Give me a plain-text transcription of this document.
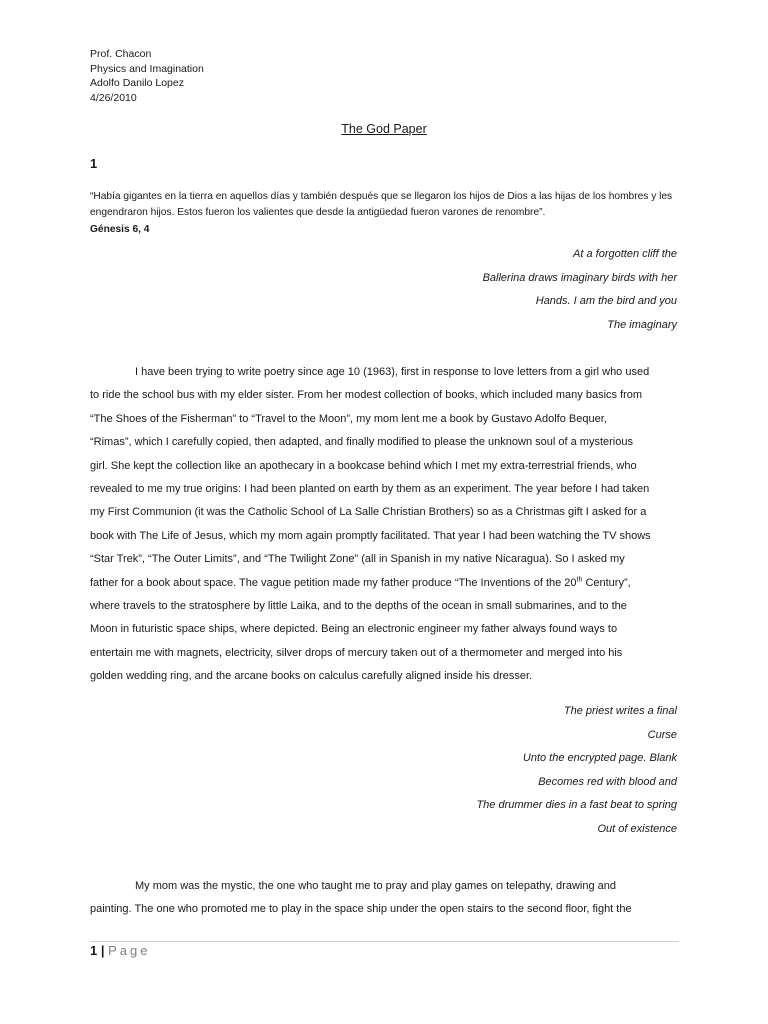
Prof. Chacon
Physics and Imagination
Adolfo Danilo Lopez
4/26/2010
The God Paper
1
“Había gigantes en la tierra en aquellos días y también después que se llegaron los hijos de Dios a las hijas de los hombres y les
engendraron hijos. Estos fueron los valientes que desde la antigüedad fueron varones de renombre”.
Génesis 6, 4
At a forgotten cliff the
Ballerina draws imaginary birds with her
Hands. I am the bird and you
The imaginary
I have been trying to write poetry since age 10 (1963), first in response to love letters from a girl who used
to ride the school bus with my elder sister. From her modest collection of books, which included many basics from
“The Shoes of the Fisherman” to “Travel to the Moon”, my mom lent me a book by Gustavo Adolfo Bequer,
“Rimas”, which I carefully copied, then adapted, and finally modified to please the unknown soul of a mysterious
girl. She kept the collection like an apothecary in a bookcase behind which I met my extra-terrestrial friends, who
revealed to me my true origins: I had been planted on earth by them as an experiment. The year before I had taken
my First Communion (it was the Catholic School of La Salle Christian Brothers) so as a Christmas gift I asked for a
book with The Life of Jesus, which my mom again promptly facilitated. That year I had been watching the TV shows
“Star Trek”, “The Outer Limits”, and “The Twilight Zone” (all in Spanish in my native Nicaragua). So I asked my
father for a book about space. The vague petition made my father produce “The Inventions of the 20th Century”,
where travels to the stratosphere by little Laika, and to the depths of the ocean in small submarines, and to the
Moon in futuristic space ships, where depicted. Being an electronic engineer my father always found ways to
entertain me with magnets, electricity, silver drops of mercury taken out of a thermometer and merged into his
golden wedding ring, and the arcane books on calculus carefully aligned inside his dresser.
The priest writes a final
Curse
Unto the encrypted page. Blank
Becomes red with blood and
The drummer dies in a fast beat to spring
Out of existence
My mom was the mystic, the one who taught me to pray and play games on telepathy, drawing and
painting. The one who promoted me to play in the space ship under the open stairs to the second floor, fight the
1 | Page
